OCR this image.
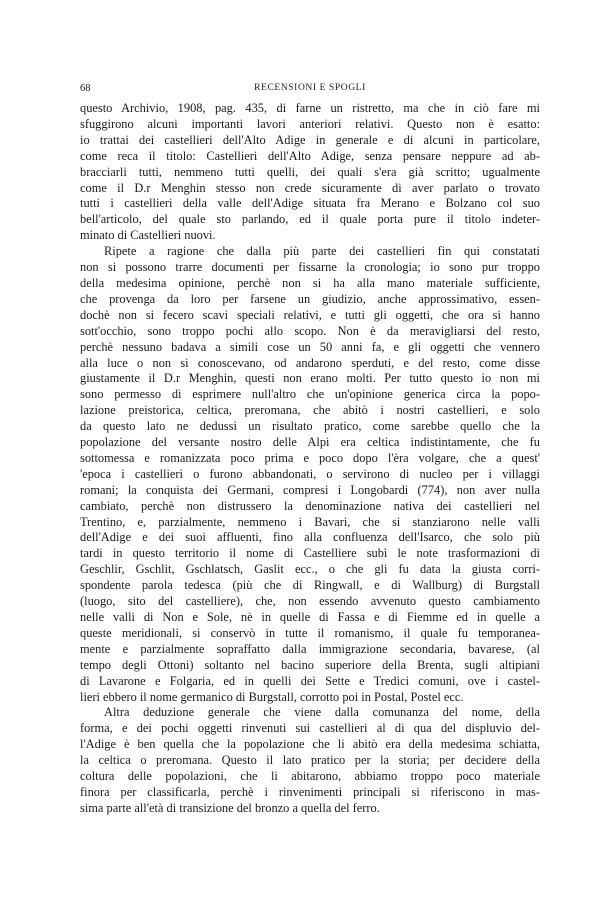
68	RECENSIONI E SPOGLI

questo Archivio, 1908, pag. 435, di farne un ristretto, ma che in ciò fare mi
sfuggirono alcuni importanti lavori anteriori relativi. Questo non è esatto:
io trattai dei castellieri dell'Alto Adige in generale e di alcuni in particolare,
come reca il titolo: Castellieri dell'Alto Adige, senza pensare neppure ad ab-
bracciarli tutti, nemmeno tutti quelli, dei quali s'era già scritto; ugualmente
come il D.r Menghin stesso non crede sicuramente di aver parlato o trovato
tutti i castellieri della valle dell'Adige situata fra Merano e Bolzano col suo
bell'articolo, del quale sto parlando, ed il quale porta pure il titolo indeter-
minato di Castellieri nuovi.

Ripete a ragione che dalla più parte dei castellieri fin qui constatati
non si possono trarre documenti per fissarne la cronologia; io sono pur troppo
della medesima opinione, perchè non si ha alla mano materiale sufficiente,
che provenga da loro per farsene un giudizio, anche approssimativo, essen-
dochè non si fecero scavi speciali relativi, e tutti gli oggetti, che ora si hanno
sott'occhio, sono troppo pochi allo scopo. Non è da meravigliarsi del resto,
perchè nessuno badava a simili cose un 50 anni fa, e gli oggetti che vennero
alla luce o non si conoscevano, od andarono sperduti, e del resto, come disse
giustamente il D.r Menghin, questi non erano molti. Per tutto questo io non mi
sono permesso di esprimere null'altro che un'opinione generica circa la popo-
lazione preistorica, celtica, preromana, che abitò i nostri castellieri, e solo
da questo lato ne dedussi un risultato pratico, come sarebbe quello che la
popolazione del versante nostro delle Alpi era celtica indistintamente, che fu
sottomessa e romanizzata poco prima e poco dopo l'èra volgare, che a quest'
'epoca i castellieri o furono abbandonati, o servirono di nucleo per i villaggi
romani; la conquista dei Germani, compresi i Longobardi (774), non aver nulla
cambiato, perchè non distrussero la denominazione nativa dei castellieri nel
Trentino, e, parzialmente, nemmeno i Bavari, che si stanziarono nelle valli
dell'Adige e dei suoi affluenti, fino alla confluenza dell'Isarco, che solo più
tardi in questo territorio il nome di Castelliere subì le note trasformazioni di
Geschlir, Gschlit, Gschlatsch, Gaslit ecc., o che gli fu data la giusta corri-
spondente parola tedesca (più che di Ringwall, e di Wallburg) di Burgstall
(luogo, sito del castelliere), che, non essendo avvenuto questo cambiamento
nelle valli di Non e Sole, nè in quelle di Fassa e di Fiemme ed in quelle a
queste meridionali, si conservò in tutte il romanismo, il quale fu temporanea-
mente e parzialmente sopraffatto dalla immigrazione secondaria, bavarese, (al
tempo degli Ottoni) soltanto nel bacino superiore della Brenta, sugli altipiani
di Lavarone e Folgaria, ed in quelli dei Sette e Tredici comuni, ove i castel-
lieri ebbero il nome germanico di Burgstall, corrotto poi in Postal, Postel ecc.

Altra deduzione generale che viene dalla comunanza del nome, della
forma, e dei pochi oggetti rinvenuti sui castellieri al di qua del displuvio del-
l'Adige è ben quella che la popolazione che li abitò era della medesima schiatta,
la celtica o preromana. Questo il lato pratico per la storia; per decidere della
coltura delle popolazioni, che li abitarono, abbiamo troppo poco materiale
finora per classificarla, perchè i rinvenimenti principali si riferiscono in mas-
sima parte all'età di transizione del bronzo a quella del ferro.
